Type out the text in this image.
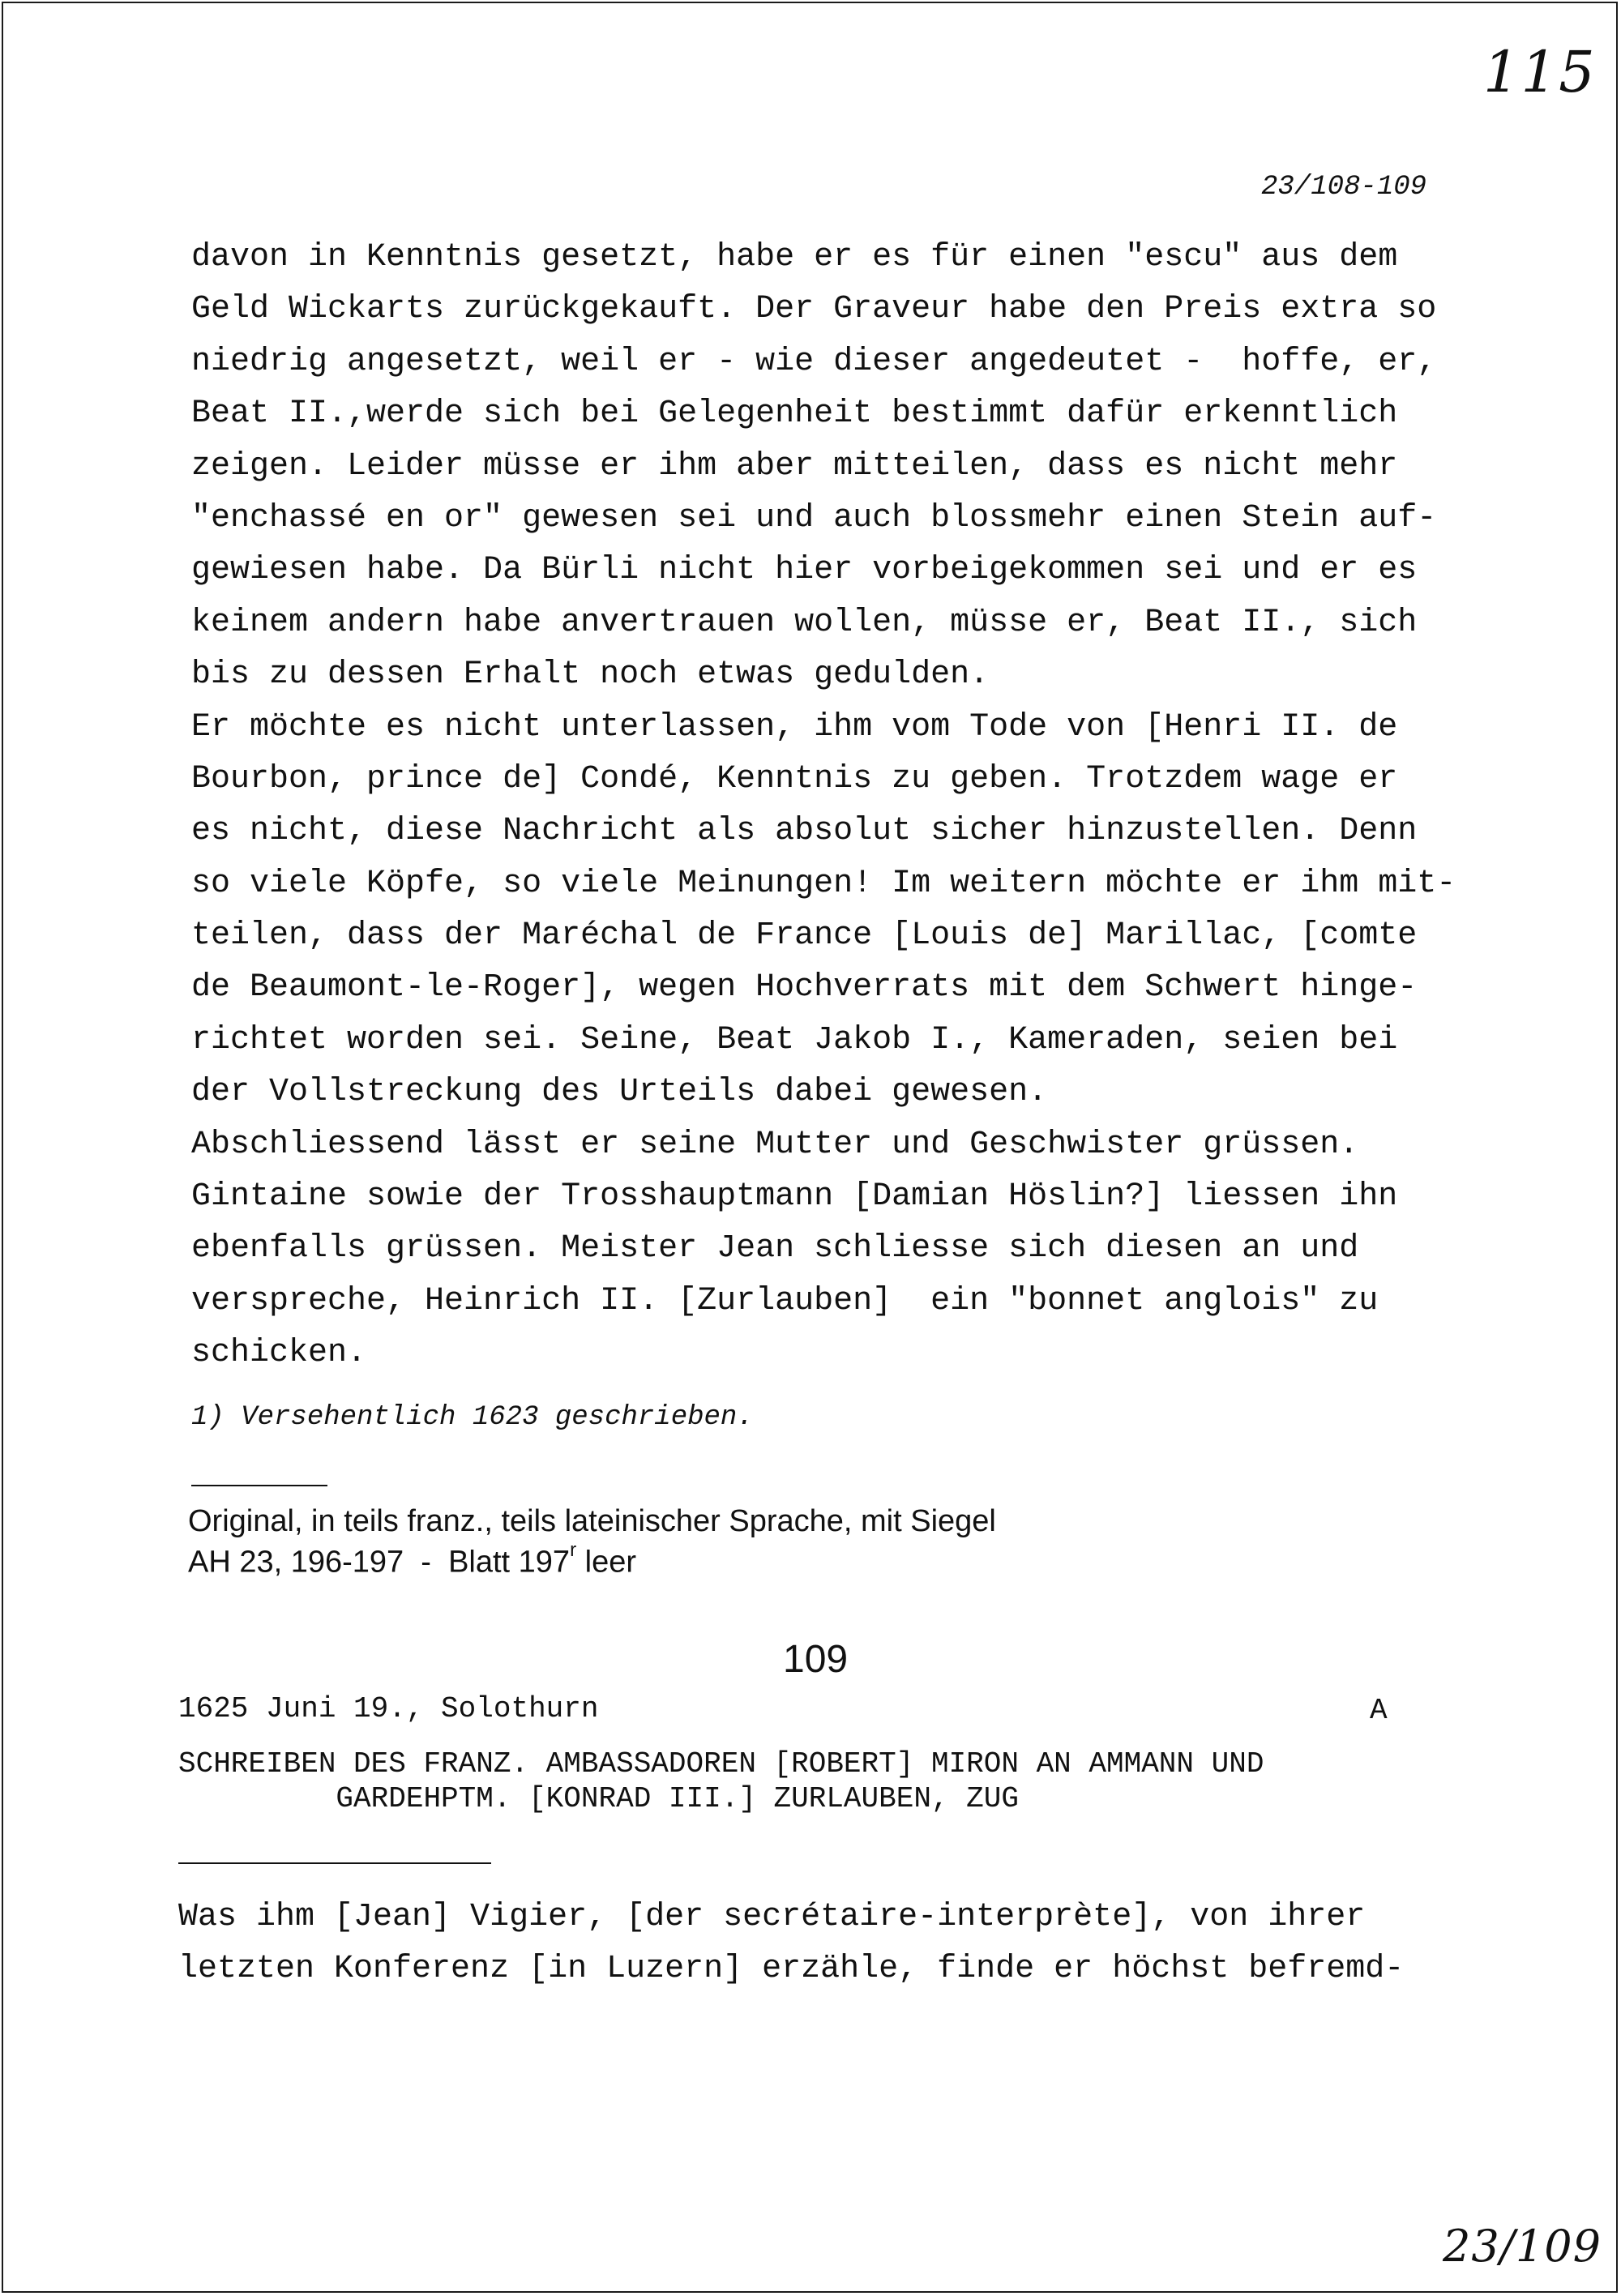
115
23/108-109
davon in Kenntnis gesetzt, habe er es für einen "escu" aus dem
Geld Wickarts zurückgekauft. Der Graveur habe den Preis extra so
niedrig angesetzt, weil er - wie dieser angedeutet -  hoffe, er,
Beat II.,werde sich bei Gelegenheit bestimmt dafür erkenntlich
zeigen. Leider müsse er ihm aber mitteilen, dass es nicht mehr
"enchassé en or" gewesen sei und auch blossmehr einen Stein auf-
gewiesen habe. Da Bürli nicht hier vorbeigekommen sei und er es
keinem andern habe anvertrauen wollen, müsse er, Beat II., sich
bis zu dessen Erhalt noch etwas gedulden.
Er möchte es nicht unterlassen, ihm vom Tode von [Henri II. de
Bourbon, prince de] Condé, Kenntnis zu geben. Trotzdem wage er
es nicht, diese Nachricht als absolut sicher hinzustellen. Denn
so viele Köpfe, so viele Meinungen! Im weitern möchte er ihm mit-
teilen, dass der Maréchal de France [Louis de] Marillac, [comte
de Beaumont-le-Roger], wegen Hochverrats mit dem Schwert hinge-
richtet worden sei. Seine, Beat Jakob I., Kameraden, seien bei
der Vollstreckung des Urteils dabei gewesen.
Abschliessend lässt er seine Mutter und Geschwister grüssen.
Gintaine sowie der Trosshauptmann [Damian Höslin?] liessen ihn
ebenfalls grüssen. Meister Jean schliesse sich diesen an und
verspreche, Heinrich II. [Zurlauben]  ein "bonnet anglois" zu
schicken.
1) Versehentlich 1623 geschrieben.
Original, in teils franz., teils lateinischer Sprache, mit Siegel
AH 23, 196-197  -  Blatt 197$^r$ leer
109
1625 Juni 19., Solothurn	A
SCHREIBEN DES FRANZ. AMBASSADOREN [ROBERT] MIRON AN AMMANN UND
GARDEHPTM. [KONRAD III.] ZURLAUBEN, ZUG
Was ihm [Jean] Vigier, [der secrétaire-interprète], von ihrer
letzten Konferenz [in Luzern] erzähle, finde er höchst befremd-
23/109
